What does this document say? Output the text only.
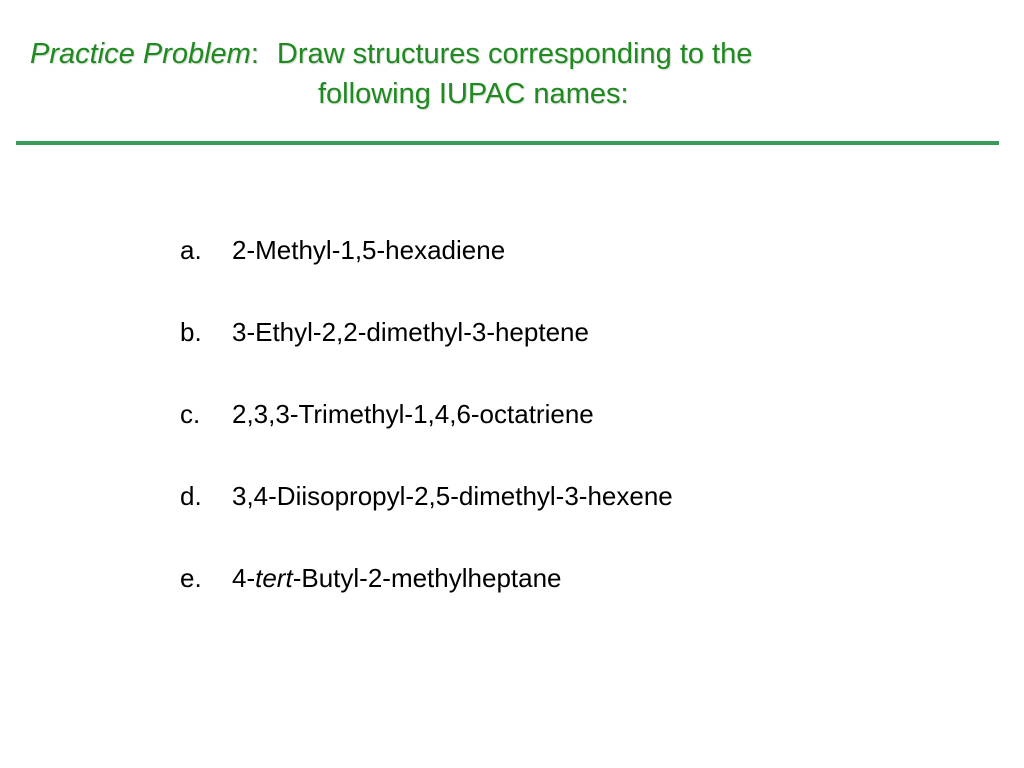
Practice Problem: Draw structures corresponding to the
following IUPAC names:
a. 2-Methyl-1,5-hexadiene
b. 3-Ethyl-2,2-dimethyl-3-heptene
c. 2,3,3-Trimethyl-1,4,6-octatriene
d. 3,4-Diisopropyl-2,5-dimethyl-3-hexene
e. 4-tert-Butyl-2-methylheptane
